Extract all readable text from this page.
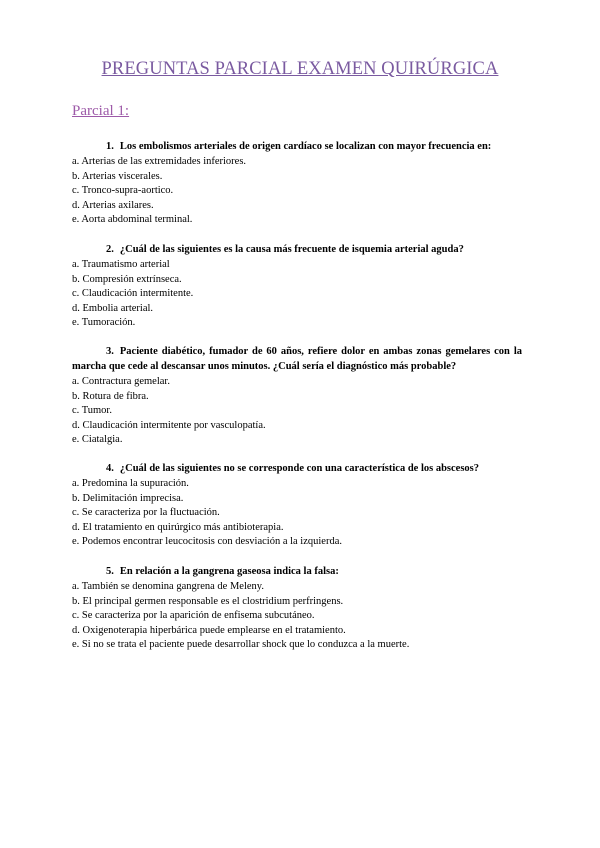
PREGUNTAS PARCIAL EXAMEN QUIRÚRGICA
Parcial 1:

1. Los embolismos arteriales de origen cardíaco se localizan con mayor frecuencia en:

a. Arterias de las extremidades inferiores.

b. Arterias viscerales.

c. Tronco-supra-aortico.

d. Arterias axilares.

e. Aorta abdominal terminal.

2. ¿Cuál de las siguientes es la causa más frecuente de isquemia arterial aguda?

a. Traumatismo arterial

b. Compresión extrínseca.

c. Claudicación intermitente.

d. Embolia arterial.

e. Tumoración.

3. Paciente diabético, fumador de 60 años, refiere dolor en ambas zonas gemelares con la marcha que cede al descansar unos minutos. ¿Cuál sería el diagnóstico más probable?

a. Contractura gemelar.

b. Rotura de fibra.

c. Tumor.

d. Claudicación intermitente por vasculopatía.

e. Ciatalgia.

4. ¿Cuál de las siguientes no se corresponde con una característica de los abscesos?

a. Predomina la supuración.

b. Delimitación imprecisa.

c. Se caracteriza por la fluctuación.

d. El tratamiento en quirúrgico más antibioterapia.

e. Podemos encontrar leucocitosis con desviación a la izquierda.

5. En relación a la gangrena gaseosa indica la falsa:

a. También se denomina gangrena de Meleny.

b. El principal germen responsable es el clostridium perfringens.

c. Se caracteriza por la aparición de enfisema subcutáneo.

d. Oxigenoterapia hiperbárica puede emplearse en el tratamiento.

e. Si no se trata el paciente puede desarrollar shock que lo conduzca a la muerte.
